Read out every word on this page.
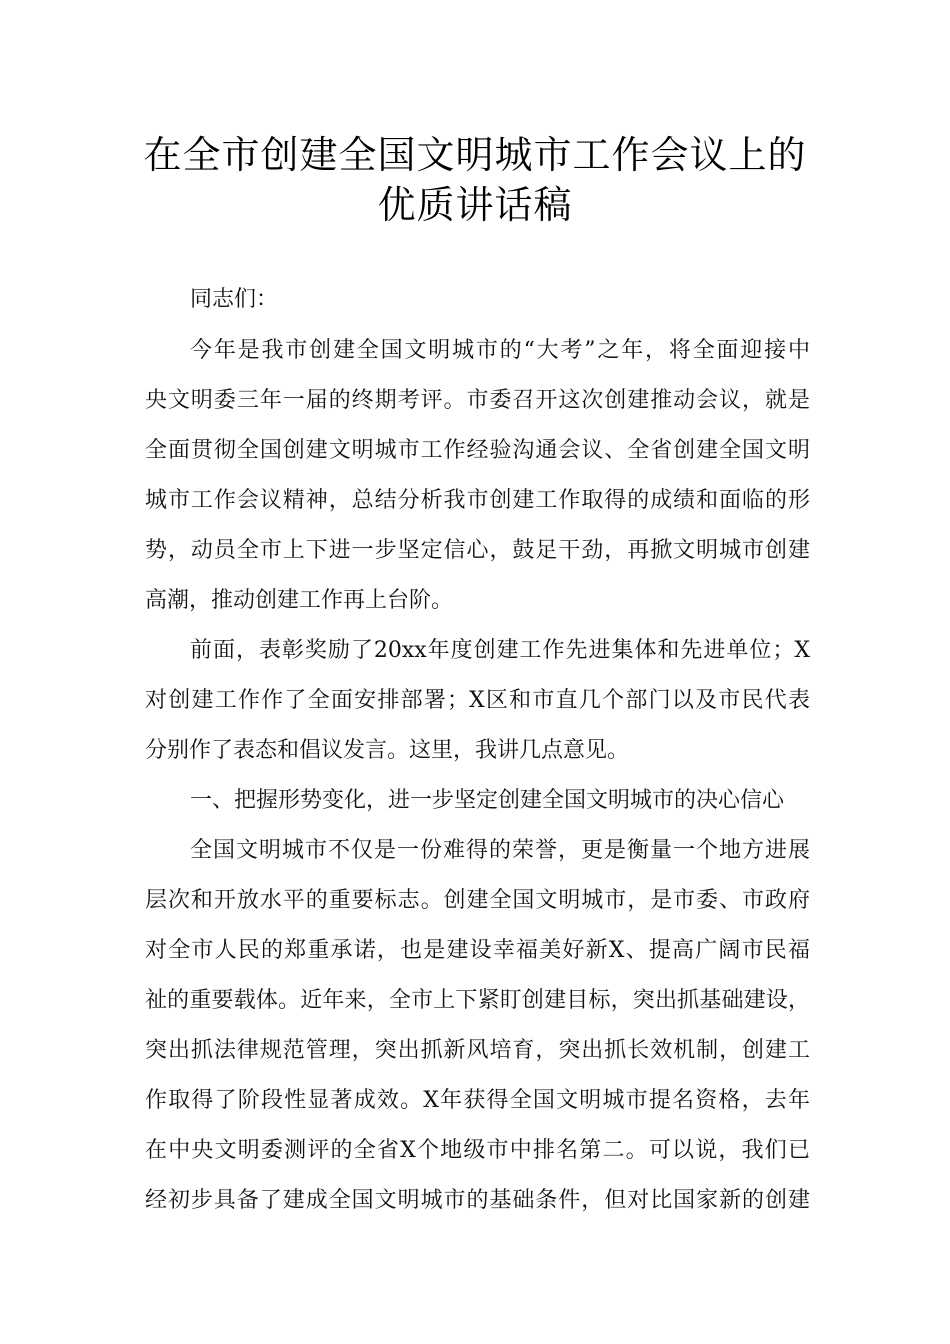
在全市创建全国文明城市工作会议上的
优质讲话稿
同志们：
今年是我市创建全国文明城市的“大考”之年，将全面迎接中
央文明委三年一届的终期考评。市委召开这次创建推动会议，就是
全面贯彻全国创建文明城市工作经验沟通会议、全省创建全国文明
城市工作会议精神，总结分析我市创建工作取得的成绩和面临的形
势，动员全市上下进一步坚定信心，鼓足干劲，再掀文明城市创建
高潮，推动创建工作再上台阶。
前面，表彰奖励了20xx年度创建工作先进集体和先进单位；X
对创建工作作了全面安排部署；X区和市直几个部门以及市民代表
分别作了表态和倡议发言。这里，我讲几点意见。
一、把握形势变化，进一步坚定创建全国文明城市的决心信心
全国文明城市不仅是一份难得的荣誉，更是衡量一个地方进展
层次和开放水平的重要标志。创建全国文明城市，是市委、市政府
对全市人民的郑重承诺，也是建设幸福美好新X、提高广阔市民福
祉的重要载体。近年来，全市上下紧盯创建目标，突出抓基础建设，
突出抓法律规范管理，突出抓新风培育，突出抓长效机制，创建工
作取得了阶段性显著成效。X年获得全国文明城市提名资格，去年
在中央文明委测评的全省X个地级市中排名第二。可以说，我们已
经初步具备了建成全国文明城市的基础条件，但对比国家新的创建
